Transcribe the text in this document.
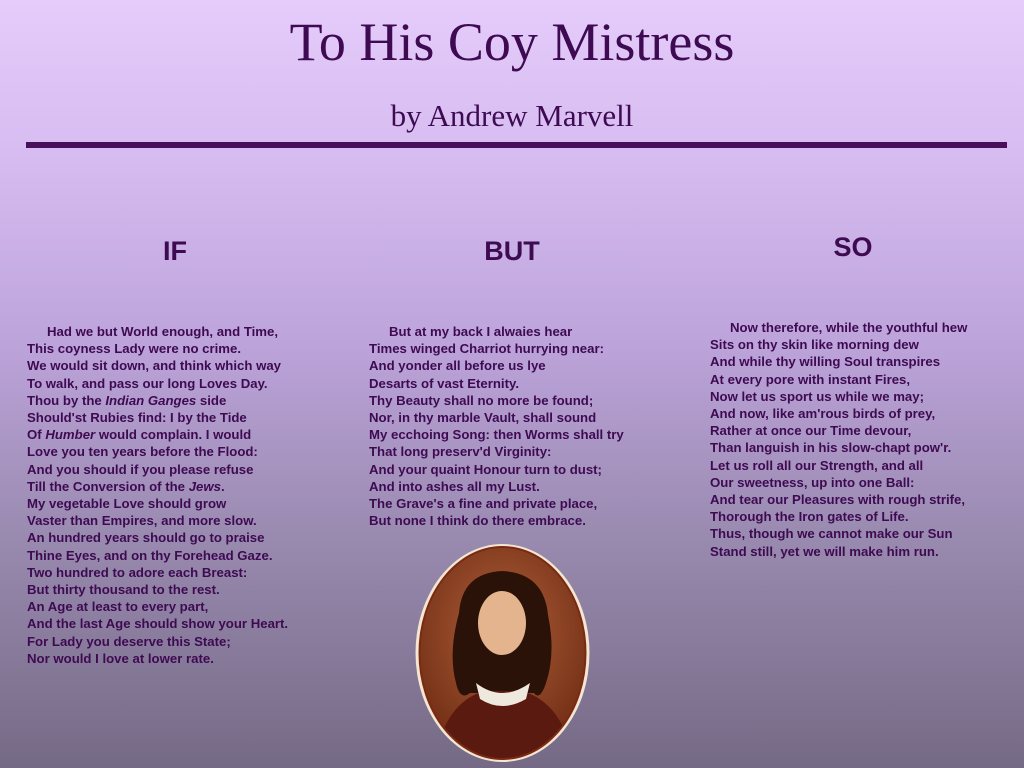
To His Coy Mistress
by Andrew Marvell
IF	BUT	SO
Had we but World enough, and Time,
This coyness Lady were no crime.
We would sit down, and think which way
To walk, and pass our long Loves Day.
Thou by the Indian Ganges side
Should'st Rubies find: I by the Tide
Of Humber would complain. I would
Love you ten years before the Flood:
And you should if you please refuse
Till the Conversion of the Jews.
My vegetable Love should grow
Vaster than Empires, and more slow.
An hundred years should go to praise
Thine Eyes, and on thy Forehead Gaze.
Two hundred to adore each Breast:
But thirty thousand to the rest.
An Age at least to every part,
And the last Age should show your Heart.
For Lady you deserve this State;
Nor would I love at lower rate.
But at my back I alwaies hear
Times winged Charriot hurrying near:
And yonder all before us lye
Desarts of vast Eternity.
Thy Beauty shall no more be found;
Nor, in thy marble Vault, shall sound
My ecchoing Song: then Worms shall try
That long preserv'd Virginity:
And your quaint Honour turn to dust;
And into ashes all my Lust.
The Grave's a fine and private place,
But none I think do there embrace.
Now therefore, while the youthful hew
Sits on thy skin like morning dew
And while thy willing Soul transpires
At every pore with instant Fires,
Now let us sport us while we may;
And now, like am'rous birds of prey,
Rather at once our Time devour,
Than languish in his slow-chapt pow'r.
Let us roll all our Strength, and all
Our sweetness, up into one Ball:
And tear our Pleasures with rough strife,
Thorough the Iron gates of Life.
Thus, though we cannot make our Sun
Stand still, yet we will make him run.
